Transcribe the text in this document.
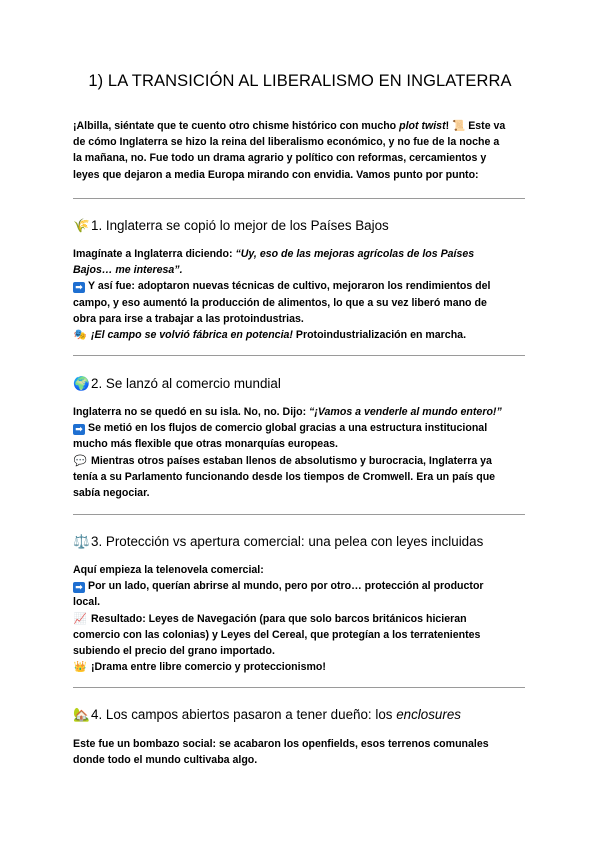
1) LA TRANSICIÓN AL LIBERALISMO EN INGLATERRA

¡Albilla, siéntate que te cuento otro chisme histórico con mucho plot twist! 📜 Este va

de cómo Inglaterra se hizo la reina del liberalismo económico, y no fue de la noche a

la mañana, no. Fue todo un drama agrario y político con reformas, cercamientos y

leyes que dejaron a media Europa mirando con envidia. Vamos punto por punto:

🌾1. Inglaterra se copió lo mejor de los Países Bajos

Imagínate a Inglaterra diciendo: “Uy, eso de las mejoras agrícolas de los Países

Bajos… me interesa”.

➡ Y así fue: adoptaron nuevas técnicas de cultivo, mejoraron los rendimientos del

campo, y eso aumentó la producción de alimentos, lo que a su vez liberó mano de

obra para irse a trabajar a las protoindustrias.

🎭 ¡El campo se volvió fábrica en potencia! Protoindustrialización en marcha.

🌍2. Se lanzó al comercio mundial

Inglaterra no se quedó en su isla. No, no. Dijo: “¡Vamos a venderle al mundo entero!”

➡ Se metió en los flujos de comercio global gracias a una estructura institucional

mucho más flexible que otras monarquías europeas.

💬 Mientras otros países estaban llenos de absolutismo y burocracia, Inglaterra ya

tenía a su Parlamento funcionando desde los tiempos de Cromwell. Era un país que

sabía negociar.

⚖️3. Protección vs apertura comercial: una pelea con leyes incluidas

Aquí empieza la telenovela comercial:

➡ Por un lado, querían abrirse al mundo, pero por otro… protección al productor

local.

📈 Resultado: Leyes de Navegación (para que solo barcos británicos hicieran

comercio con las colonias) y Leyes del Cereal, que protegían a los terratenientes

subiendo el precio del grano importado.

👑 ¡Drama entre libre comercio y proteccionismo!

🏡4. Los campos abiertos pasaron a tener dueño: los enclosures

Este fue un bombazo social: se acabaron los openfields, esos terrenos comunales

donde todo el mundo cultivaba algo.
